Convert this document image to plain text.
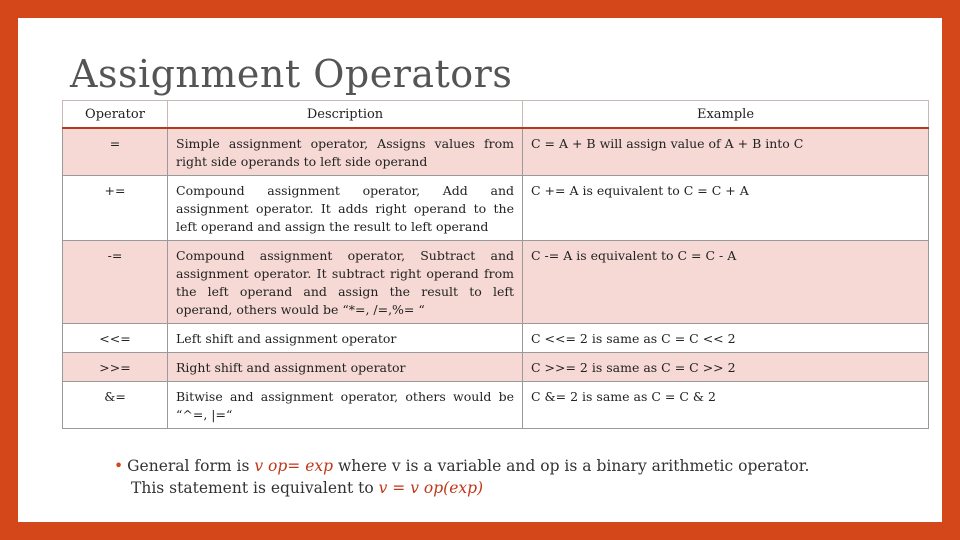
Assignment Operators
Operator	Description	Example
=	Simple assignment operator, Assigns values from right side operands to left side operand	C = A + B will assign value of A + B into C
+=	Compound assignment operator, Add and assignment operator. It adds right operand to the left operand and assign the result to left operand	C += A is equivalent to C = C + A
-=	Compound assignment operator, Subtract and assignment operator. It subtract right operand from the left operand and assign the result to left operand, others would be “*=, /=,%= “	C -= A is equivalent to C = C - A
<<=	Left shift and assignment operator	C <<= 2 is same as C = C << 2
>>=	Right shift and assignment operator	C >>= 2 is same as C = C >> 2
&=	Bitwise and assignment operator, others would be “^=, |=“	C &= 2 is same as C = C & 2
• General form is v op= exp where v is a variable and op is a binary arithmetic operator.
This statement is equivalent to v = v op(exp)
